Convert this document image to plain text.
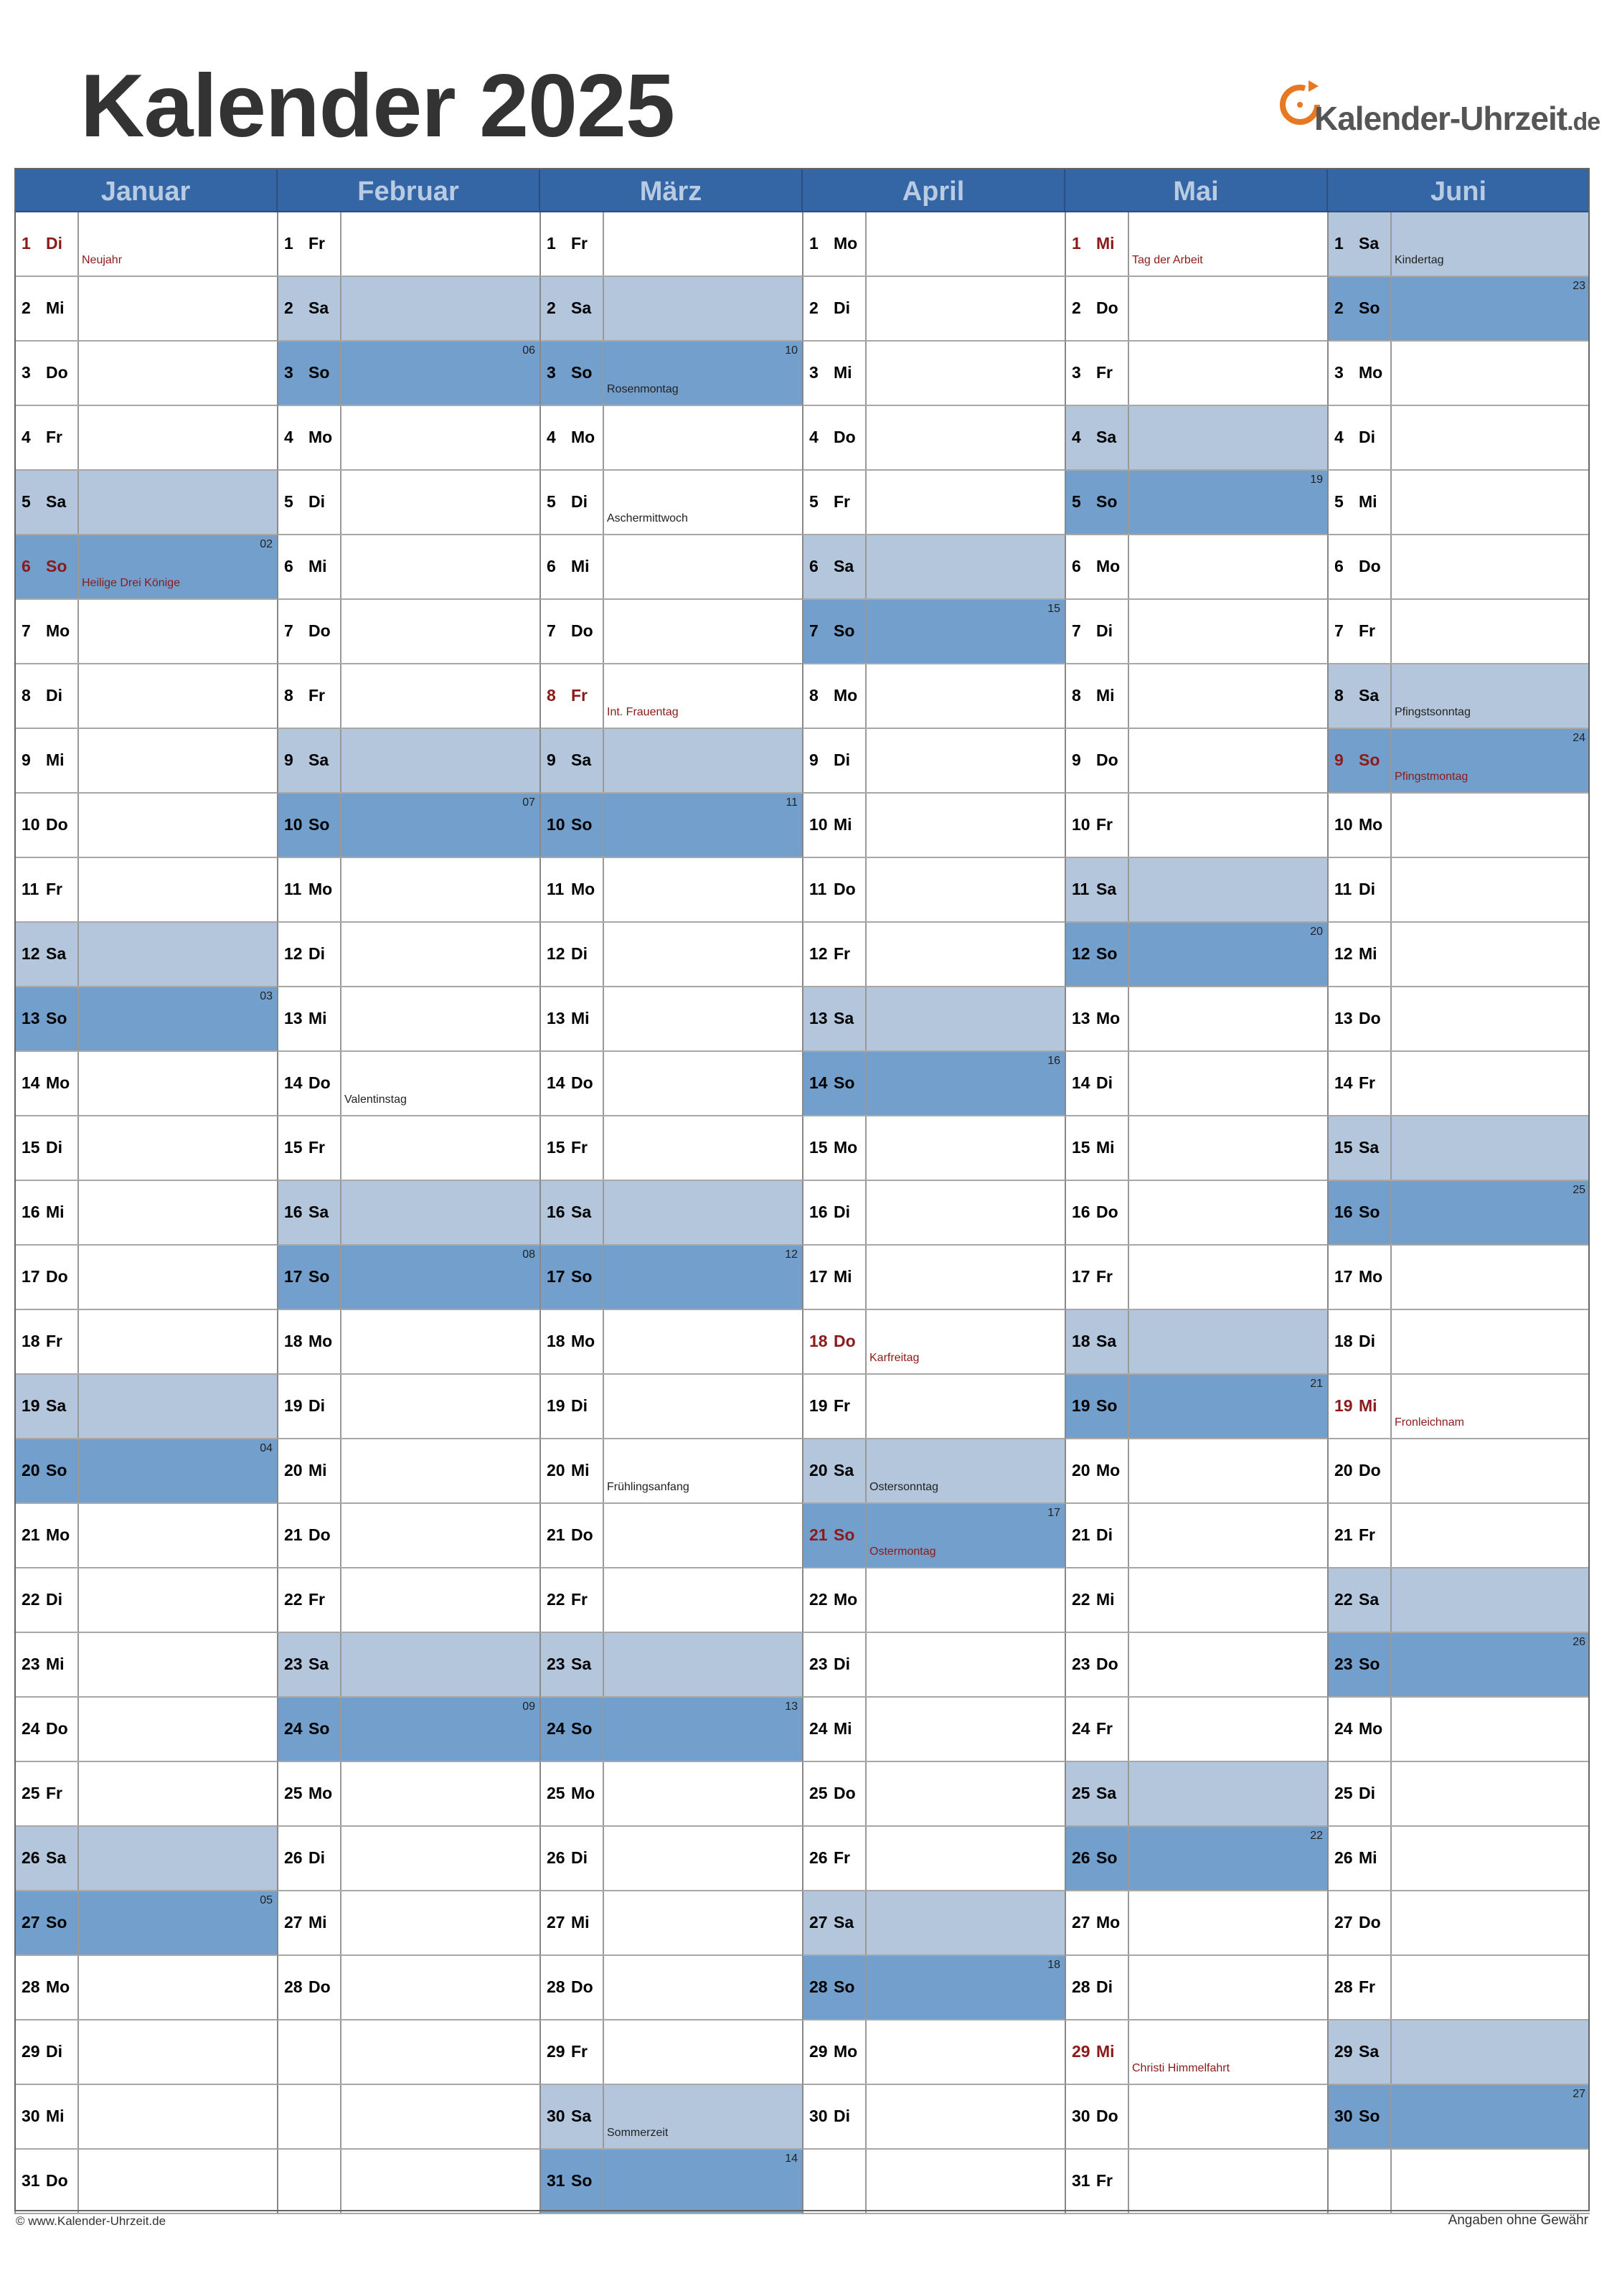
Kalender 2025	Kalender-Uhrzeit.de
Januar
1 Di
Neujahr
2 Mi
3 Do
4 Fr
5 Sa
6 So
Heilige Drei Könige
02
7 Mo
8 Di
9 Mi
10 Do
11 Fr
12 Sa
13 So
03
14 Mo
15 Di
16 Mi
17 Do
18 Fr
19 Sa
20 So
04
21 Mo
22 Di
23 Mi
24 Do
25 Fr
26 Sa
27 So
05
28 Mo
29 Di
30 Mi
31 Do
Februar
1 Fr
2 Sa
3 So
06
4 Mo
5 Di
6 Mi
7 Do
8 Fr
9 Sa
10 So
07
11 Mo
12 Di
13 Mi
14 Do
Valentinstag
15 Fr
16 Sa
17 So
08
18 Mo
19 Di
20 Mi
21 Do
22 Fr
23 Sa
24 So
09
25 Mo
26 Di
27 Mi
28 Do
März
1 Fr
2 Sa
3 So
Rosenmontag
10
4 Mo
5 Di
Aschermittwoch
6 Mi
7 Do
8 Fr
Int. Frauentag
9 Sa
10 So
11
11 Mo
12 Di
13 Mi
14 Do
15 Fr
16 Sa
17 So
12
18 Mo
19 Di
20 Mi
Frühlingsanfang
21 Do
22 Fr
23 Sa
24 So
13
25 Mo
26 Di
27 Mi
28 Do
29 Fr
30 Sa
Sommerzeit
31 So
14
April
1 Mo
2 Di
3 Mi
4 Do
5 Fr
6 Sa
7 So
15
8 Mo
9 Di
10 Mi
11 Do
12 Fr
13 Sa
14 So
16
15 Mo
16 Di
17 Mi
18 Do
Karfreitag
19 Fr
20 Sa
Ostersonntag
21 So
Ostermontag
17
22 Mo
23 Di
24 Mi
25 Do
26 Fr
27 Sa
28 So
18
29 Mo
30 Di
Mai
1 Mi
Tag der Arbeit
2 Do
3 Fr
4 Sa
5 So
19
6 Mo
7 Di
8 Mi
9 Do
10 Fr
11 Sa
12 So
20
13 Mo
14 Di
15 Mi
16 Do
17 Fr
18 Sa
19 So
21
20 Mo
21 Di
22 Mi
23 Do
24 Fr
25 Sa
26 So
22
27 Mo
28 Di
29 Mi
Christi Himmelfahrt
30 Do
31 Fr
Juni
1 Sa
Kindertag
2 So
23
3 Mo
4 Di
5 Mi
6 Do
7 Fr
8 Sa
Pfingstsonntag
9 So
Pfingstmontag
24
10 Mo
11 Di
12 Mi
13 Do
14 Fr
15 Sa
16 So
25
17 Mo
18 Di
19 Mi
Fronleichnam
20 Do
21 Fr
22 Sa
23 So
26
24 Mo
25 Di
26 Mi
27 Do
28 Fr
29 Sa
30 So
27
© www.Kalender-Uhrzeit.de	Angaben ohne Gewähr
